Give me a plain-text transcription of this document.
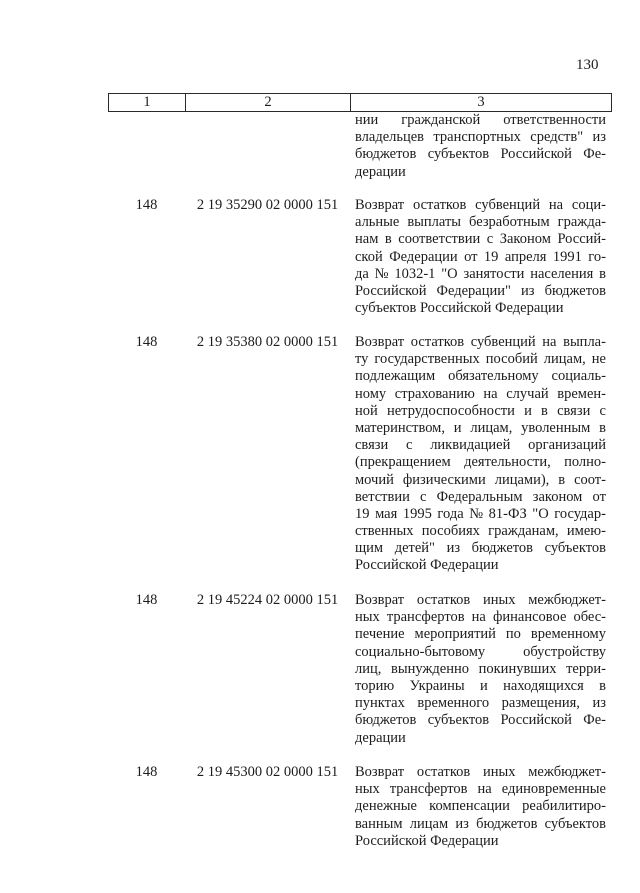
130
1	2	3
нии гражданской ответственности
владельцев транспортных средств" из
бюджетов субъектов Российской Фе-
дерации
148	2 19 35290 02 0000 151	Возврат остатков субвенций на соци-
альные выплаты безработным гражда-
нам в соответствии с Законом Россий-
ской Федерации от 19 апреля 1991 го-
да № 1032-1 "О занятости населения в
Российской Федерации" из бюджетов
субъектов Российской Федерации
148	2 19 35380 02 0000 151	Возврат остатков субвенций на выпла-
ту государственных пособий лицам, не
подлежащим обязательному социаль-
ному страхованию на случай времен-
ной нетрудоспособности и в связи с
материнством, и лицам, уволенным в
связи с ликвидацией организаций
(прекращением деятельности, полно-
мочий физическими лицами), в соот-
ветствии с Федеральным законом от
19 мая 1995 года № 81-ФЗ "О государ-
ственных пособиях гражданам, имею-
щим детей" из бюджетов субъектов
Российской Федерации
148	2 19 45224 02 0000 151	Возврат остатков иных межбюджет-
ных трансфертов на финансовое обес-
печение мероприятий по временному
социально-бытовому	обустройству
лиц, вынужденно покинувших терри-
торию Украины и находящихся в
пунктах временного размещения, из
бюджетов субъектов Российской Фе-
дерации
148	2 19 45300 02 0000 151	Возврат остатков иных межбюджет-
ных трансфертов на единовременные
денежные компенсации реабилитиро-
ванным лицам из бюджетов субъектов
Российской Федерации
